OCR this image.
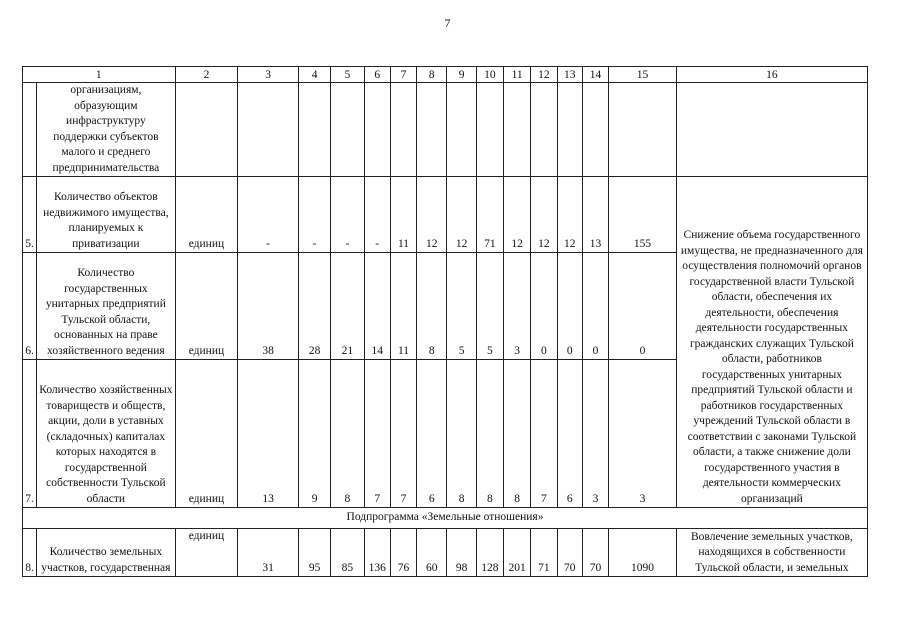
7
1		2	3	4	5	6	7	8	9	10	11	12	13	14	15	16
	организациям, образующим инфраструктуру поддержки субъектов малого и среднего предпринимательства															
5.	Количество объектов недвижимого имущества, планируемых к приватизации	единиц	-	-	-	-	11	12	12	71	12	12	12	13	155	Снижение объема государственного имущества, не предназначенного для осуществления полномочий органов государственной власти Тульской области, обеспечения их деятельности, обеспечения деятельности государственных гражданских служащих Тульской области, работников государственных унитарных предприятий Тульской области и работников государственных учреждений Тульской области в соответствии с законами Тульской области, а также снижение доли государственного участия в деятельности коммерческих организаций
6.	Количество государственных унитарных предприятий Тульской области, основанных на праве хозяйственного ведения	единиц	38	28	21	14	11	8	5	5	3	0	0	0	0	
7.	Количество хозяйственных товариществ и обществ, акции, доли в уставных (складочных) капиталах которых находятся в государственной собственности Тульской области	единиц	13	9	8	7	7	6	8	8	8	7	6	3	3	
Подпрограмма «Земельные отношения»																
8.	Количество земельных участков, государственная	единиц	31	95	85	136	76	60	98	128	201	71	70	70	1090	Вовлечение земельных участков, находящихся в собственности Тульской области, и земельных
